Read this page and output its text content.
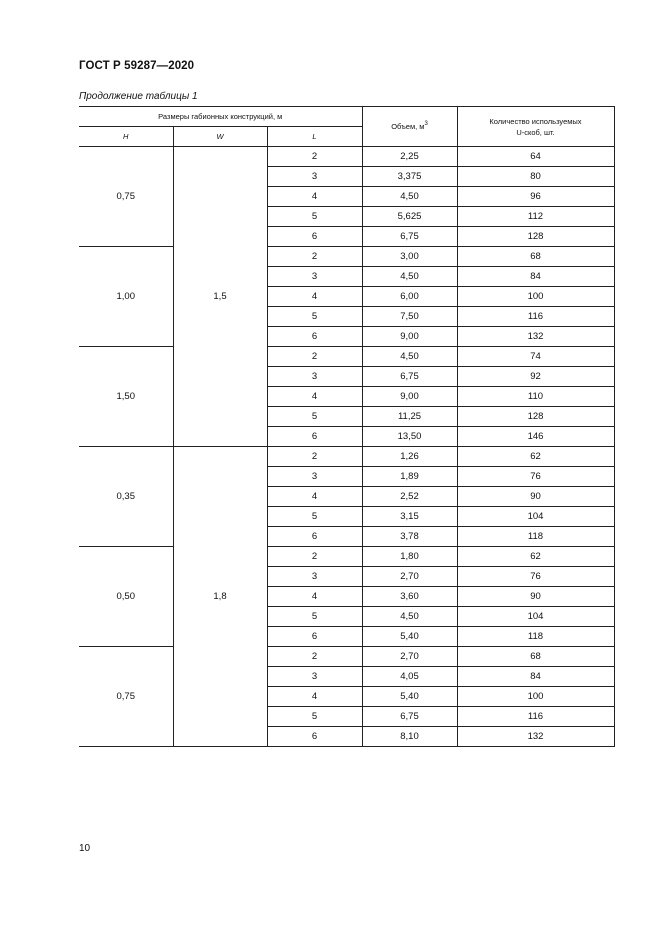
ГОСТ Р 59287—2020
Продолжение таблицы 1
Размеры габионных конструкций, м			Объем, $м^3$	Количество используемых
U-скоб, шт.
H	W	L		
0,75	1,5	2	2,25	64
		3	3,375	80
		4	4,50	96
		5	5,625	112
		6	6,75	128
1,00		2	3,00	68
		3	4,50	84
		4	6,00	100
		5	7,50	116
		6	9,00	132
1,50		2	4,50	74
		3	6,75	92
		4	9,00	110
		5	11,25	128
		6	13,50	146
0,35	1,8	2	1,26	62
		3	1,89	76
		4	2,52	90
		5	3,15	104
		6	3,78	118
0,50		2	1,80	62
		3	2,70	76
		4	3,60	90
		5	4,50	104
		6	5,40	118
0,75		2	2,70	68
		3	4,05	84
		4	5,40	100
		5	6,75	116
		6	8,10	132
10
